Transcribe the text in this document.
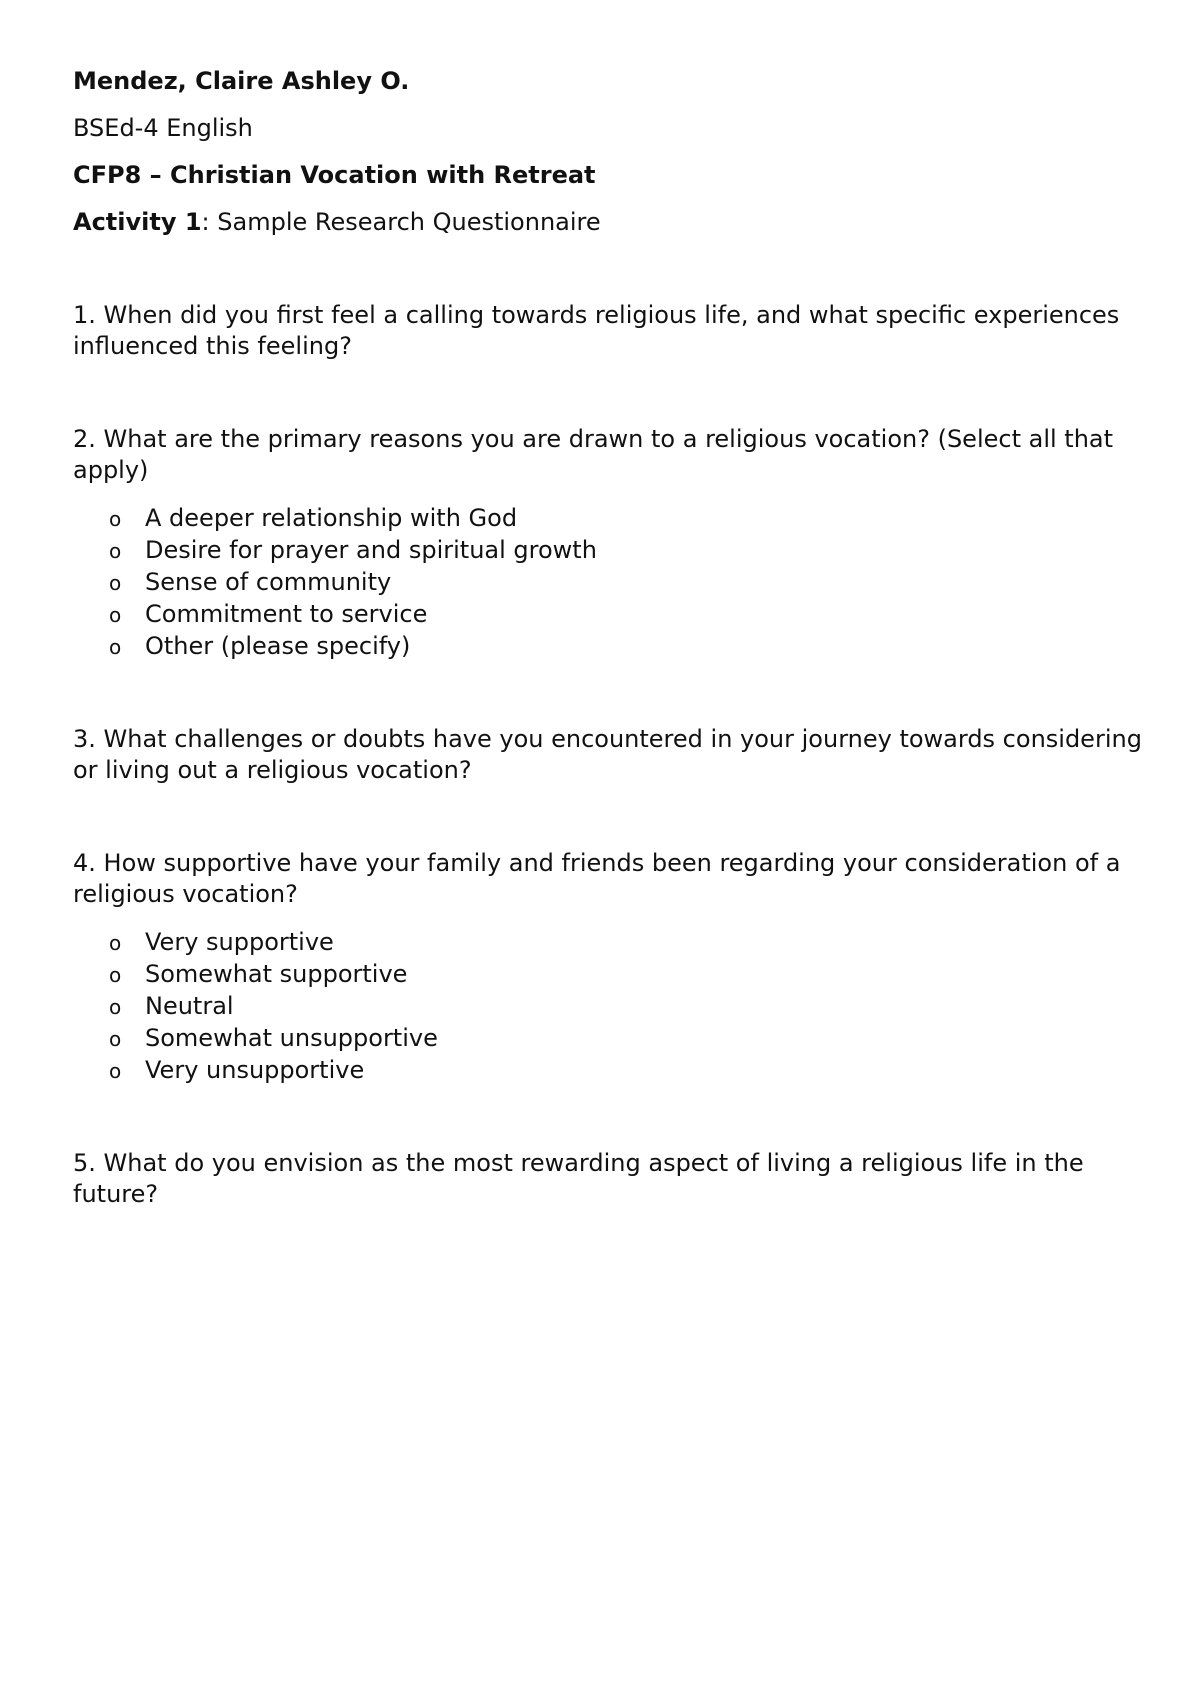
Mendez, Claire Ashley O.

BSEd-4 English

CFP8 – Christian Vocation with Retreat

Activity 1: Sample Research Questionnaire

1. When did you first feel a calling towards religious life, and what specific experiences influenced this feeling?

2. What are the primary reasons you are drawn to a religious vocation? (Select all that apply)

o A deeper relationship with God
o Desire for prayer and spiritual growth
o Sense of community
o Commitment to service
o Other (please specify)

3. What challenges or doubts have you encountered in your journey towards considering or living out a religious vocation?

4. How supportive have your family and friends been regarding your consideration of a religious vocation?

o Very supportive
o Somewhat supportive
o Neutral
o Somewhat unsupportive
o Very unsupportive

5. What do you envision as the most rewarding aspect of living a religious life in the future?
